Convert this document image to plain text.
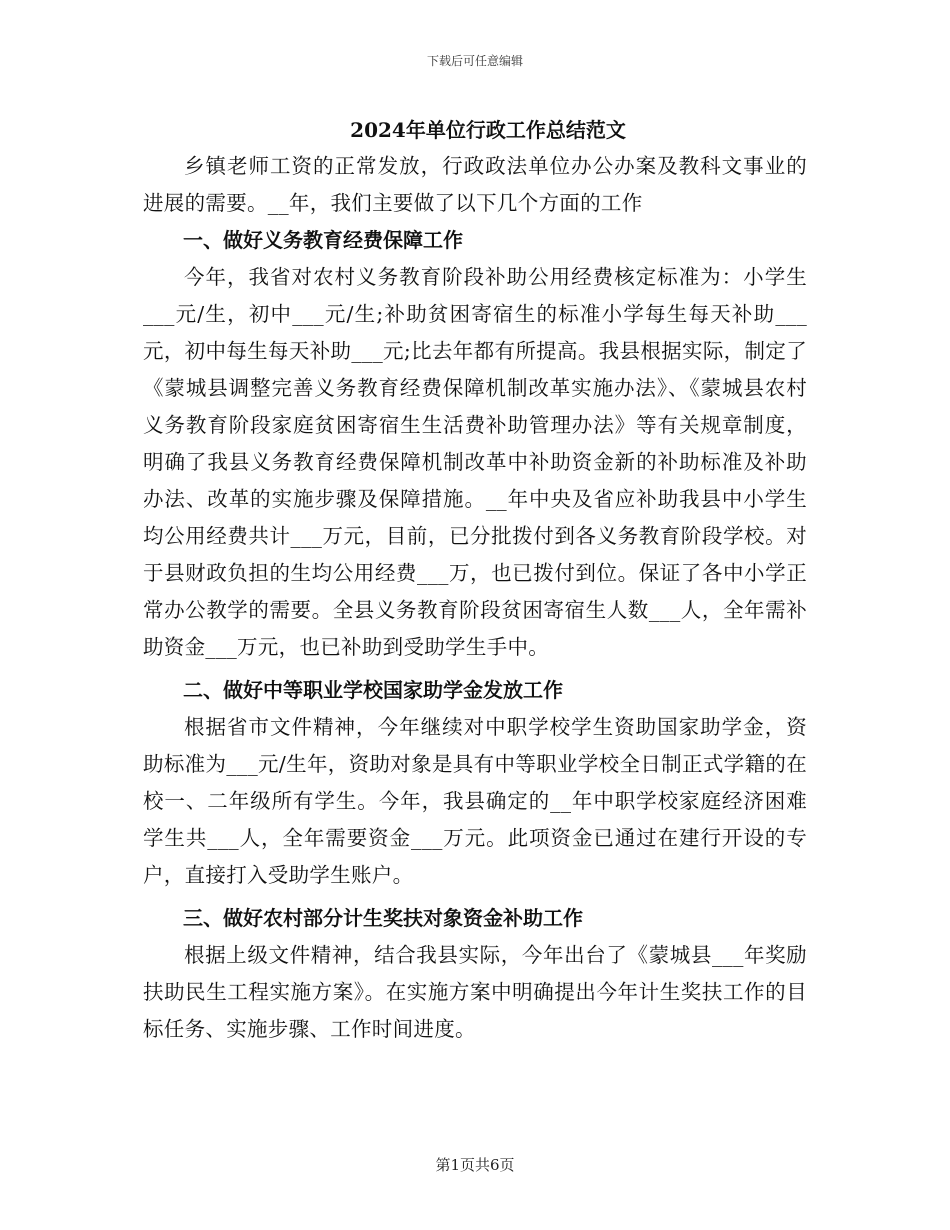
下载后可任意编辑

2024年单位行政工作总结范文

乡镇老师工资的正常发放，行政政法单位办公办案及教科文事业的进展的需要。__年，我们主要做了以下几个方面的工作

一、做好义务教育经费保障工作

今年，我省对农村义务教育阶段补助公用经费核定标准为：小学生___元/生，初中___元/生;补助贫困寄宿生的标准小学每生每天补助___元，初中每生每天补助___元;比去年都有所提高。我县根据实际，制定了《蒙城县调整完善义务教育经费保障机制改革实施办法》、《蒙城县农村义务教育阶段家庭贫困寄宿生生活费补助管理办法》等有关规章制度，明确了我县义务教育经费保障机制改革中补助资金新的补助标准及补助办法、改革的实施步骤及保障措施。__年中央及省应补助我县中小学生均公用经费共计___万元，目前，已分批拨付到各义务教育阶段学校。对于县财政负担的生均公用经费___万，也已拨付到位。保证了各中小学正常办公教学的需要。全县义务教育阶段贫困寄宿生人数___人，全年需补助资金___万元，也已补助到受助学生手中。

二、做好中等职业学校国家助学金发放工作

根据省市文件精神，今年继续对中职学校学生资助国家助学金，资助标准为___元/生年，资助对象是具有中等职业学校全日制正式学籍的在校一、二年级所有学生。今年，我县确定的__年中职学校家庭经济困难学生共___人，全年需要资金___万元。此项资金已通过在建行开设的专户，直接打入受助学生账户。

三、做好农村部分计生奖扶对象资金补助工作

根据上级文件精神，结合我县实际，今年出台了《蒙城县___年奖励扶助民生工程实施方案》。在实施方案中明确提出今年计生奖扶工作的目标任务、实施步骤、工作时间进度。

第1页共6页
